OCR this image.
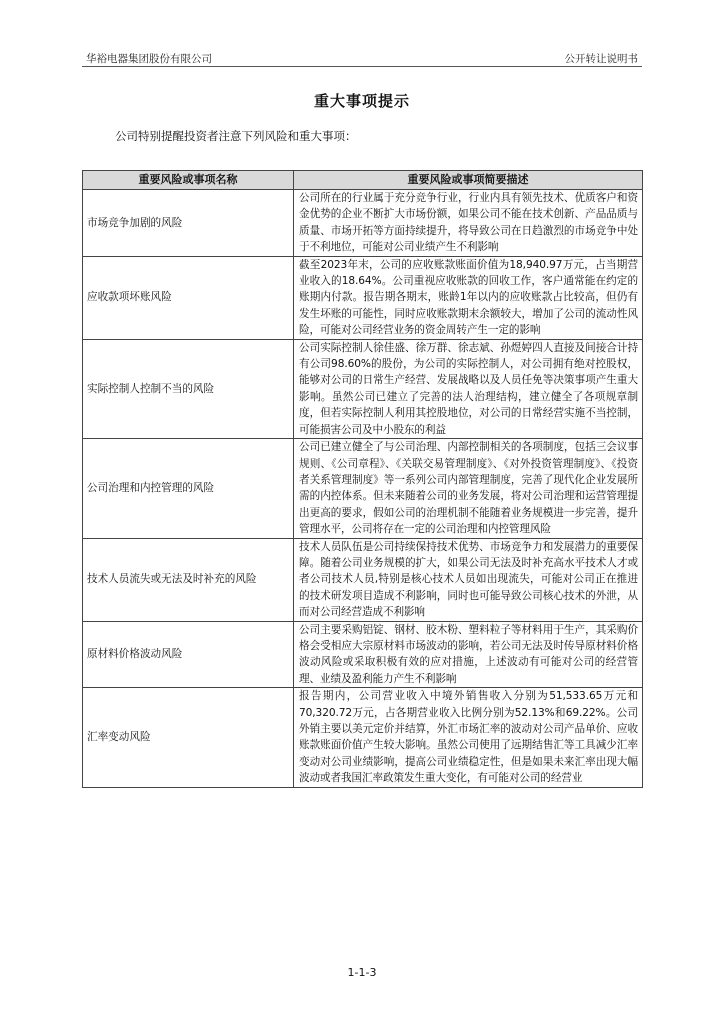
华裕电器集团股份有限公司	公开转让说明书
重大事项提示
公司特别提醒投资者注意下列风险和重大事项：
重要风险或事项名称	重要风险或事项简要描述
市场竞争加剧的风险	公司所在的行业属于充分竞争行业，行业内具有领先技术、优质客户和资金优势的企业不断扩大市场份额，如果公司不能在技术创新、产品品质与质量、市场开拓等方面持续提升，将导致公司在日趋激烈的市场竞争中处于不利地位，可能对公司业绩产生不利影响
应收款项坏账风险	截至2023年末，公司的应收账款账面价值为18,940.97万元，占当期营业收入的18.64%。公司重视应收账款的回收工作，客户通常能在约定的账期内付款。报告期各期末，账龄1年以内的应收账款占比较高，但仍有发生坏账的可能性，同时应收账款期末余额较大，增加了公司的流动性风险，可能对公司经营业务的资金周转产生一定的影响
实际控制人控制不当的风险	公司实际控制人徐佳盛、徐万群、徐志斌、孙煜婷四人直接及间接合计持有公司98.60%的股份，为公司的实际控制人，对公司拥有绝对控股权，能够对公司的日常生产经营、发展战略以及人员任免等决策事项产生重大影响。虽然公司已建立了完善的法人治理结构，建立健全了各项规章制度，但若实际控制人利用其控股地位，对公司的日常经营实施不当控制，可能损害公司及中小股东的利益
公司治理和内控管理的风险	公司已建立健全了与公司治理、内部控制相关的各项制度，包括三会议事规则、《公司章程》、《关联交易管理制度》、《对外投资管理制度》、《投资者关系管理制度》等一系列公司内部管理制度，完善了现代化企业发展所需的内控体系。但未来随着公司的业务发展，将对公司治理和运营管理提出更高的要求，假如公司的治理机制不能随着业务规模进一步完善，提升管理水平，公司将存在一定的公司治理和内控管理风险
技术人员流失或无法及时补充的风险	技术人员队伍是公司持续保持技术优势、市场竞争力和发展潜力的重要保障。随着公司业务规模的扩大，如果公司无法及时补充高水平技术人才或者公司技术人员,特别是核心技术人员如出现流失，可能对公司正在推进的技术研发项目造成不利影响，同时也可能导致公司核心技术的外泄，从而对公司经营造成不利影响
原材料价格波动风险	公司主要采购铝锭、钢材、胶木粉、塑料粒子等材料用于生产，其采购价格会受相应大宗原材料市场波动的影响，若公司无法及时传导原材料价格波动风险或采取积极有效的应对措施，上述波动有可能对公司的经营管理、业绩及盈利能力产生不利影响
汇率变动风险	报告期内，公司营业收入中境外销售收入分别为51,533.65万元和70,320.72万元，占各期营业收入比例分别为52.13%和69.22%。公司外销主要以美元定价并结算，外汇市场汇率的波动对公司产品单价、应收账款账面价值产生较大影响。虽然公司使用了远期结售汇等工具减少汇率变动对公司业绩影响，提高公司业绩稳定性，但是如果未来汇率出现大幅波动或者我国汇率政策发生重大变化，有可能对公司的经营业
1-1-3
